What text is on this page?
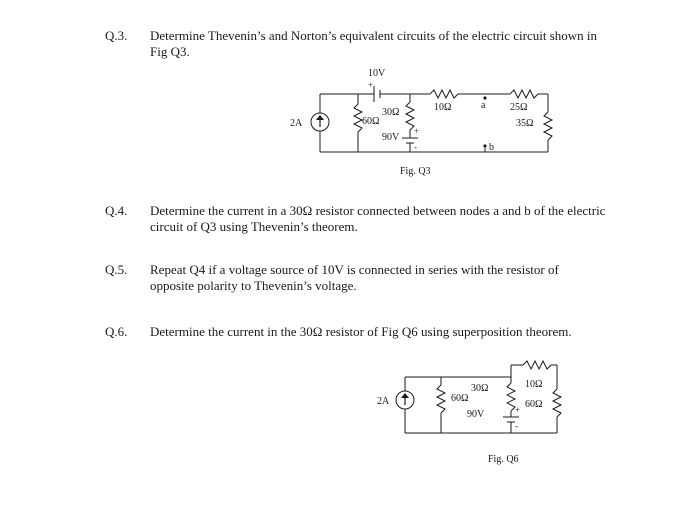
Q.3. Determine Thevenin’s and Norton’s equivalent circuits of the electric circuit shown in Fig Q3.
10V
+
2A	60Ω
30Ω
+
90V
-
10Ω	a
b
25Ω
35Ω
Fig. Q3
Q.4. Determine the current in a 30Ω resistor connected between nodes a and b of the electric circuit of Q3 using Thevenin’s theorem.
Q.5. Repeat Q4 if a voltage source of 10V is connected in series with the resistor of opposite polarity to Thevenin’s voltage.
Q.6. Determine the current in the 30Ω resistor of Fig Q6 using superposition theorem.
2A	60Ω
30Ω
+
90V
-
10Ω
60Ω
Fig. Q6
